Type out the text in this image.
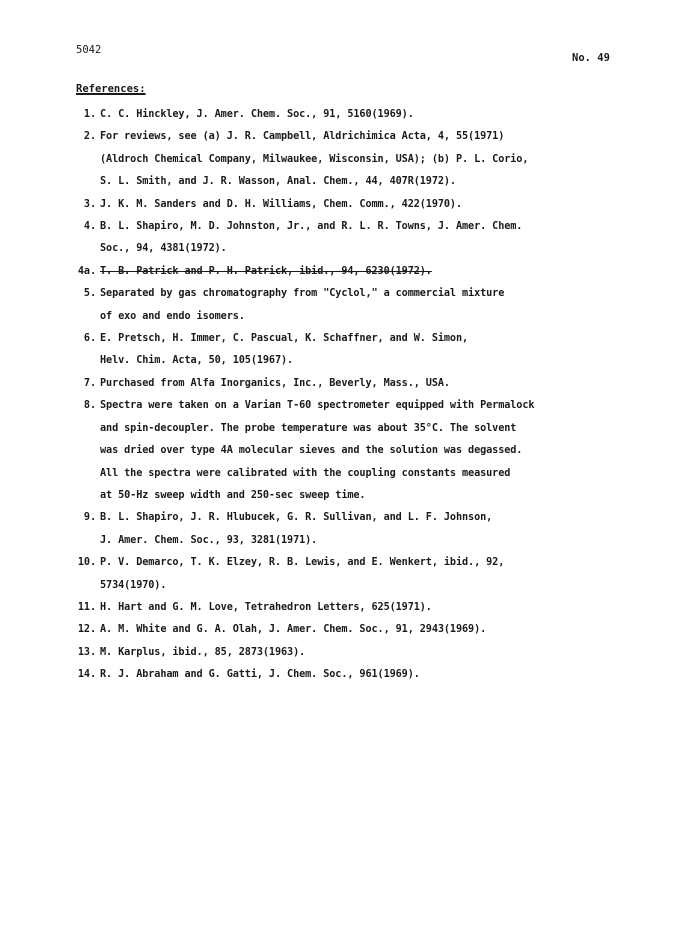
5042
No. 49
References:
1. C. C. Hinckley, J. Amer. Chem. Soc., 91, 5160(1969).
2. For reviews, see (a) J. R. Campbell, Aldrichimica Acta, 4, 55(1971)
(Aldroch Chemical Company, Milwaukee, Wisconsin, USA); (b) P. L. Corio,
S. L. Smith, and J. R. Wasson, Anal. Chem., 44, 407R(1972).
3. J. K. M. Sanders and D. H. Williams, Chem. Comm., 422(1970).
4. B. L. Shapiro, M. D. Johnston, Jr., and R. L. R. Towns, J. Amer. Chem.
Soc., 94, 4381(1972).
4a. T. B. Patrick and P. H. Patrick, ibid., 94, 6230(1972).
5. Separated by gas chromatography from "Cyclol," a commercial mixture
of exo and endo isomers.
6. E. Pretsch, H. Immer, C. Pascual, K. Schaffner, and W. Simon,
Helv. Chim. Acta, 50, 105(1967).
7. Purchased from Alfa Inorganics, Inc., Beverly, Mass., USA.
8. Spectra were taken on a Varian T-60 spectrometer equipped with Permalock
and spin-decoupler. The probe temperature was about 35°C. The solvent
was dried over type 4A molecular sieves and the solution was degassed.
All the spectra were calibrated with the coupling constants measured
at 50-Hz sweep width and 250-sec sweep time.
9. B. L. Shapiro, J. R. Hlubucek, G. R. Sullivan, and L. F. Johnson,
J. Amer. Chem. Soc., 93, 3281(1971).
10. P. V. Demarco, T. K. Elzey, R. B. Lewis, and E. Wenkert, ibid., 92,
5734(1970).
11. H. Hart and G. M. Love, Tetrahedron Letters, 625(1971).
12. A. M. White and G. A. Olah, J. Amer. Chem. Soc., 91, 2943(1969).
13. M. Karplus, ibid., 85, 2873(1963).
14. R. J. Abraham and G. Gatti, J. Chem. Soc., 961(1969).
